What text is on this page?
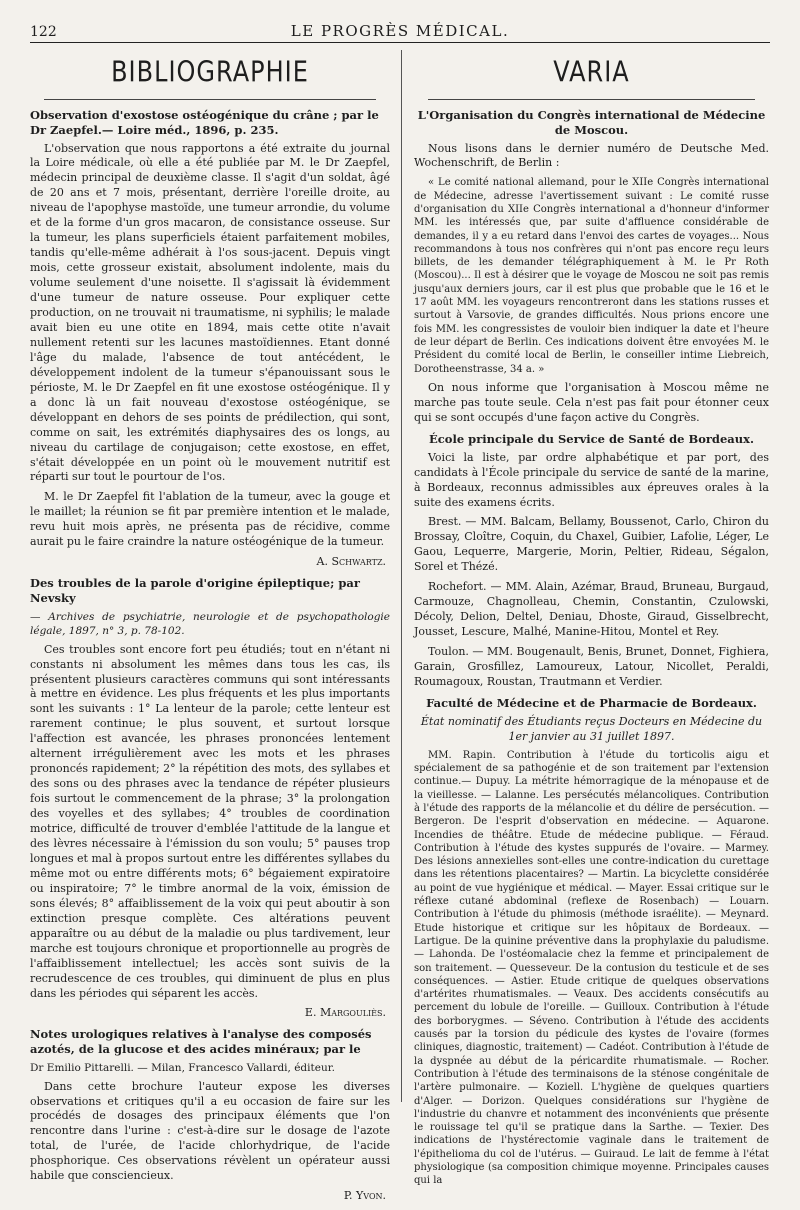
122	LE PROGRÈS MÉDICAL.
BIBLIOGRAPHIE
Observation d'exostose ostéogénique du crâne ; par le Dr Zaepfel.— Loire méd., 1896, p. 235.

L'observation que nous rapportons a été extraite du journal la Loire médicale, où elle a été publiée par M. le Dr Zaepfel, médecin principal de deuxième classe. Il s'agit d'un soldat, âgé de 20 ans et 7 mois, présentant, derrière l'oreille droite, au niveau de l'apophyse mastoïde, une tumeur arrondie, du volume et de la forme d'un gros macaron, de consistance osseuse. Sur la tumeur, les plans superficiels étaient parfaitement mobiles, tandis qu'elle-même adhérait à l'os sous-jacent. Depuis vingt mois, cette grosseur existait, absolument indolente, mais du volume seulement d'une noisette. Il s'agissait là évidemment d'une tumeur de nature osseuse. Pour expliquer cette production, on ne trouvait ni traumatisme, ni syphilis; le malade avait bien eu une otite en 1894, mais cette otite n'avait nullement retenti sur les lacunes mastoïdiennes. Etant donné l'âge du malade, l'absence de tout antécédent, le développement indolent de la tumeur s'épanouissant sous le périoste, M. le Dr Zaepfel en fit une exostose ostéogénique. Il y a donc là un fait nouveau d'exostose ostéogénique, se développant en dehors de ses points de prédilection, qui sont, comme on sait, les extrémités diaphysaires des os longs, au niveau du cartilage de conjugaison; cette exostose, en effet, s'était développée en un point où le mouvement nutritif est réparti sur tout le pourtour de l'os.

M. le Dr Zaepfel fit l'ablation de la tumeur, avec la gouge et le maillet; la réunion se fit par première intention et le malade, revu huit mois après, ne présenta pas de récidive, comme aurait pu le faire craindre la nature ostéogénique de la tumeur.

A. Schwartz.
Des troubles de la parole d'origine épileptique; par Nevsky

— Archives de psychiatrie, neurologie et de psychopathologie légale, 1897, n° 3, p. 78-102.

Ces troubles sont encore fort peu étudiés; tout en n'étant ni constants ni absolument les mêmes dans tous les cas, ils présentent plusieurs caractères communs qui sont intéressants à mettre en évidence. Les plus fréquents et les plus importants sont les suivants : 1° La lenteur de la parole; cette lenteur est rarement continue; le plus souvent, et surtout lorsque l'affection est avancée, les phrases prononcées lentement alternent irrégulièrement avec les mots et les phrases prononcés rapidement; 2° la répétition des mots, des syllabes et des sons ou des phrases avec la tendance de répéter plusieurs fois surtout le commencement de la phrase; 3° la prolongation des voyelles et des syllabes; 4° troubles de coordination motrice, difficulté de trouver d'emblée l'attitude de la langue et des lèvres nécessaire à l'émission du son voulu; 5° pauses trop longues et mal à propos surtout entre les différentes syllabes du même mot ou entre différents mots; 6° bégaiement expiratoire ou inspiratoire; 7° le timbre anormal de la voix, émission de sons élevés; 8° affaiblissement de la voix qui peut aboutir à son extinction presque complète. Ces altérations peuvent apparaître ou au début de la maladie ou plus tardivement, leur marche est toujours chronique et proportionnelle au progrès de l'affaiblissement intellectuel; les accès sont suivis de la recrudescence de ces troubles, qui diminuent de plus en plus dans les périodes qui séparent les accès.

E. Margouliès.
Notes urologiques relatives à l'analyse des composés azotés, de la glucose et des acides minéraux; par le

Dr Emilio Pittarelli. — Milan, Francesco Vallardi, éditeur.

Dans cette brochure l'auteur expose les diverses observations et critiques qu'il a eu occasion de faire sur les procédés de dosages des principaux éléments que l'on rencontre dans l'urine : c'est-à-dire sur le dosage de l'azote total, de l'urée, de l'acide chlorhydrique, de l'acide phosphorique. Ces observations révèlent un opérateur aussi habile que consciencieux.

P. Yvon.
VARIA
L'Organisation du Congrès international de Médecine de Moscou.

Nous lisons dans le dernier numéro de Deutsche Med. Wochenschrift, de Berlin :

« Le comité national allemand, pour le XIIe Congrès international de Médecine, adresse l'avertissement suivant : Le comité russe d'organisation du XIIe Congrès international a d'honneur d'informer MM. les intéressés que, par suite d'affluence considérable de demandes, il y a eu retard dans l'envoi des cartes de voyages... Nous recommandons à tous nos confrères qui n'ont pas encore reçu leurs billets, de les demander télégraphiquement à M. le Pr Roth (Moscou)... Il est à désirer que le voyage de Moscou ne soit pas remis jusqu'aux derniers jours, car il est plus que probable que le 16 et le 17 août MM. les voyageurs rencontreront dans les stations russes et surtout à Varsovie, de grandes difficultés. Nous prions encore une fois MM. les congressistes de vouloir bien indiquer la date et l'heure de leur départ de Berlin. Ces indications doivent être envoyées M. le Président du comité local de Berlin, le conseiller intime Liebreich, Dorotheenstrasse, 34 a. »

On nous informe que l'organisation à Moscou même ne marche pas toute seule. Cela n'est pas fait pour étonner ceux qui se sont occupés d'une façon active du Congrès.

École principale du Service de Santé de Bordeaux.

Voici la liste, par ordre alphabétique et par port, des candidats à l'École principale du service de santé de la marine, à Bordeaux, reconnus admissibles aux épreuves orales à la suite des examens écrits.

Brest. — MM. Balcam, Bellamy, Boussenot, Carlo, Chiron du Brossay, Cloître, Coquin, du Chaxel, Guibier, Lafolie, Léger, Le Gaou, Lequerre, Margerie, Morin, Peltier, Rideau, Ségalon, Sorel et Thézé.

Rochefort. — MM. Alain, Azémar, Braud, Bruneau, Burgaud, Carmouze, Chagnolleau, Chemin, Constantin, Czulowski, Décoly, Delion, Deltel, Deniau, Dhoste, Giraud, Gisselbrecht, Jousset, Lescure, Malhé, Manine-Hitou, Montel et Rey.

Toulon. — MM. Bougenault, Benis, Brunet, Donnet, Fighiera, Garain, Grosfillez, Lamoureux, Latour, Nicollet, Peraldi, Roumagoux, Roustan, Trautmann et Verdier.

Faculté de Médecine et de Pharmacie de Bordeaux.

État nominatif des Étudiants reçus Docteurs en Médecine du 1er janvier au 31 juillet 1897.

MM. Rapin. Contribution à l'étude du torticolis aigu et spécialement de sa pathogénie et de son traitement par l'extension continue.— Dupuy. La métrite hémorragique de la ménopause et de la vieillesse. — Lalanne. Les persécutés mélancoliques. Contribution à l'étude des rapports de la mélancolie et du délire de persécution. — Bergeron. De l'esprit d'observation en médecine. — Aquarone. Incendies de théâtre. Etude de médecine publique. — Féraud. Contribution à l'étude des kystes suppurés de l'ovaire. — Marmey. Des lésions annexielles sont-elles une contre-indication du curettage dans les rétentions placentaires? — Martin. La bicyclette considérée au point de vue hygiénique et médical. — Mayer. Essai critique sur le réflexe cutané abdominal (reflexe de Rosenbach) — Louarn. Contribution à l'étude du phimosis (méthode israélite). — Meynard. Etude historique et critique sur les hôpitaux de Bordeaux. — Lartigue. De la quinine préventive dans la prophylaxie du paludisme. — Lahonda. De l'ostéomalacie chez la femme et principalement de son traitement. — Quesseveur. De la contusion du testicule et de ses conséquences. — Astier. Etude critique de quelques observations d'artérites rhumatismales. — Veaux. Des accidents consécutifs au percement du lobule de l'oreille. — Guilloux. Contribution à l'étude des borborygmes. — Séveno. Contribution à l'étude des accidents causés par la torsion du pédicule des kystes de l'ovaire (formes cliniques, diagnostic, traitement) — Cadéot. Contribution à l'étude de la dyspnée au début de la péricardite rhumatismale. — Rocher. Contribution à l'étude des terminaisons de la sténose congénitale de l'artère pulmonaire. — Koziell. L'hygiène de quelques quartiers d'Alger. — Dorizon. Quelques considérations sur l'hygiène de l'industrie du chanvre et notamment des inconvénients que présente le rouissage tel qu'il se pratique dans la Sarthe. — Texier. Des indications de l'hystérectomie vaginale dans le traitement de l'épithelioma du col de l'utérus. — Guiraud. Le lait de femme à l'état physiologique (sa composition chimique moyenne. Principales causes qui la
